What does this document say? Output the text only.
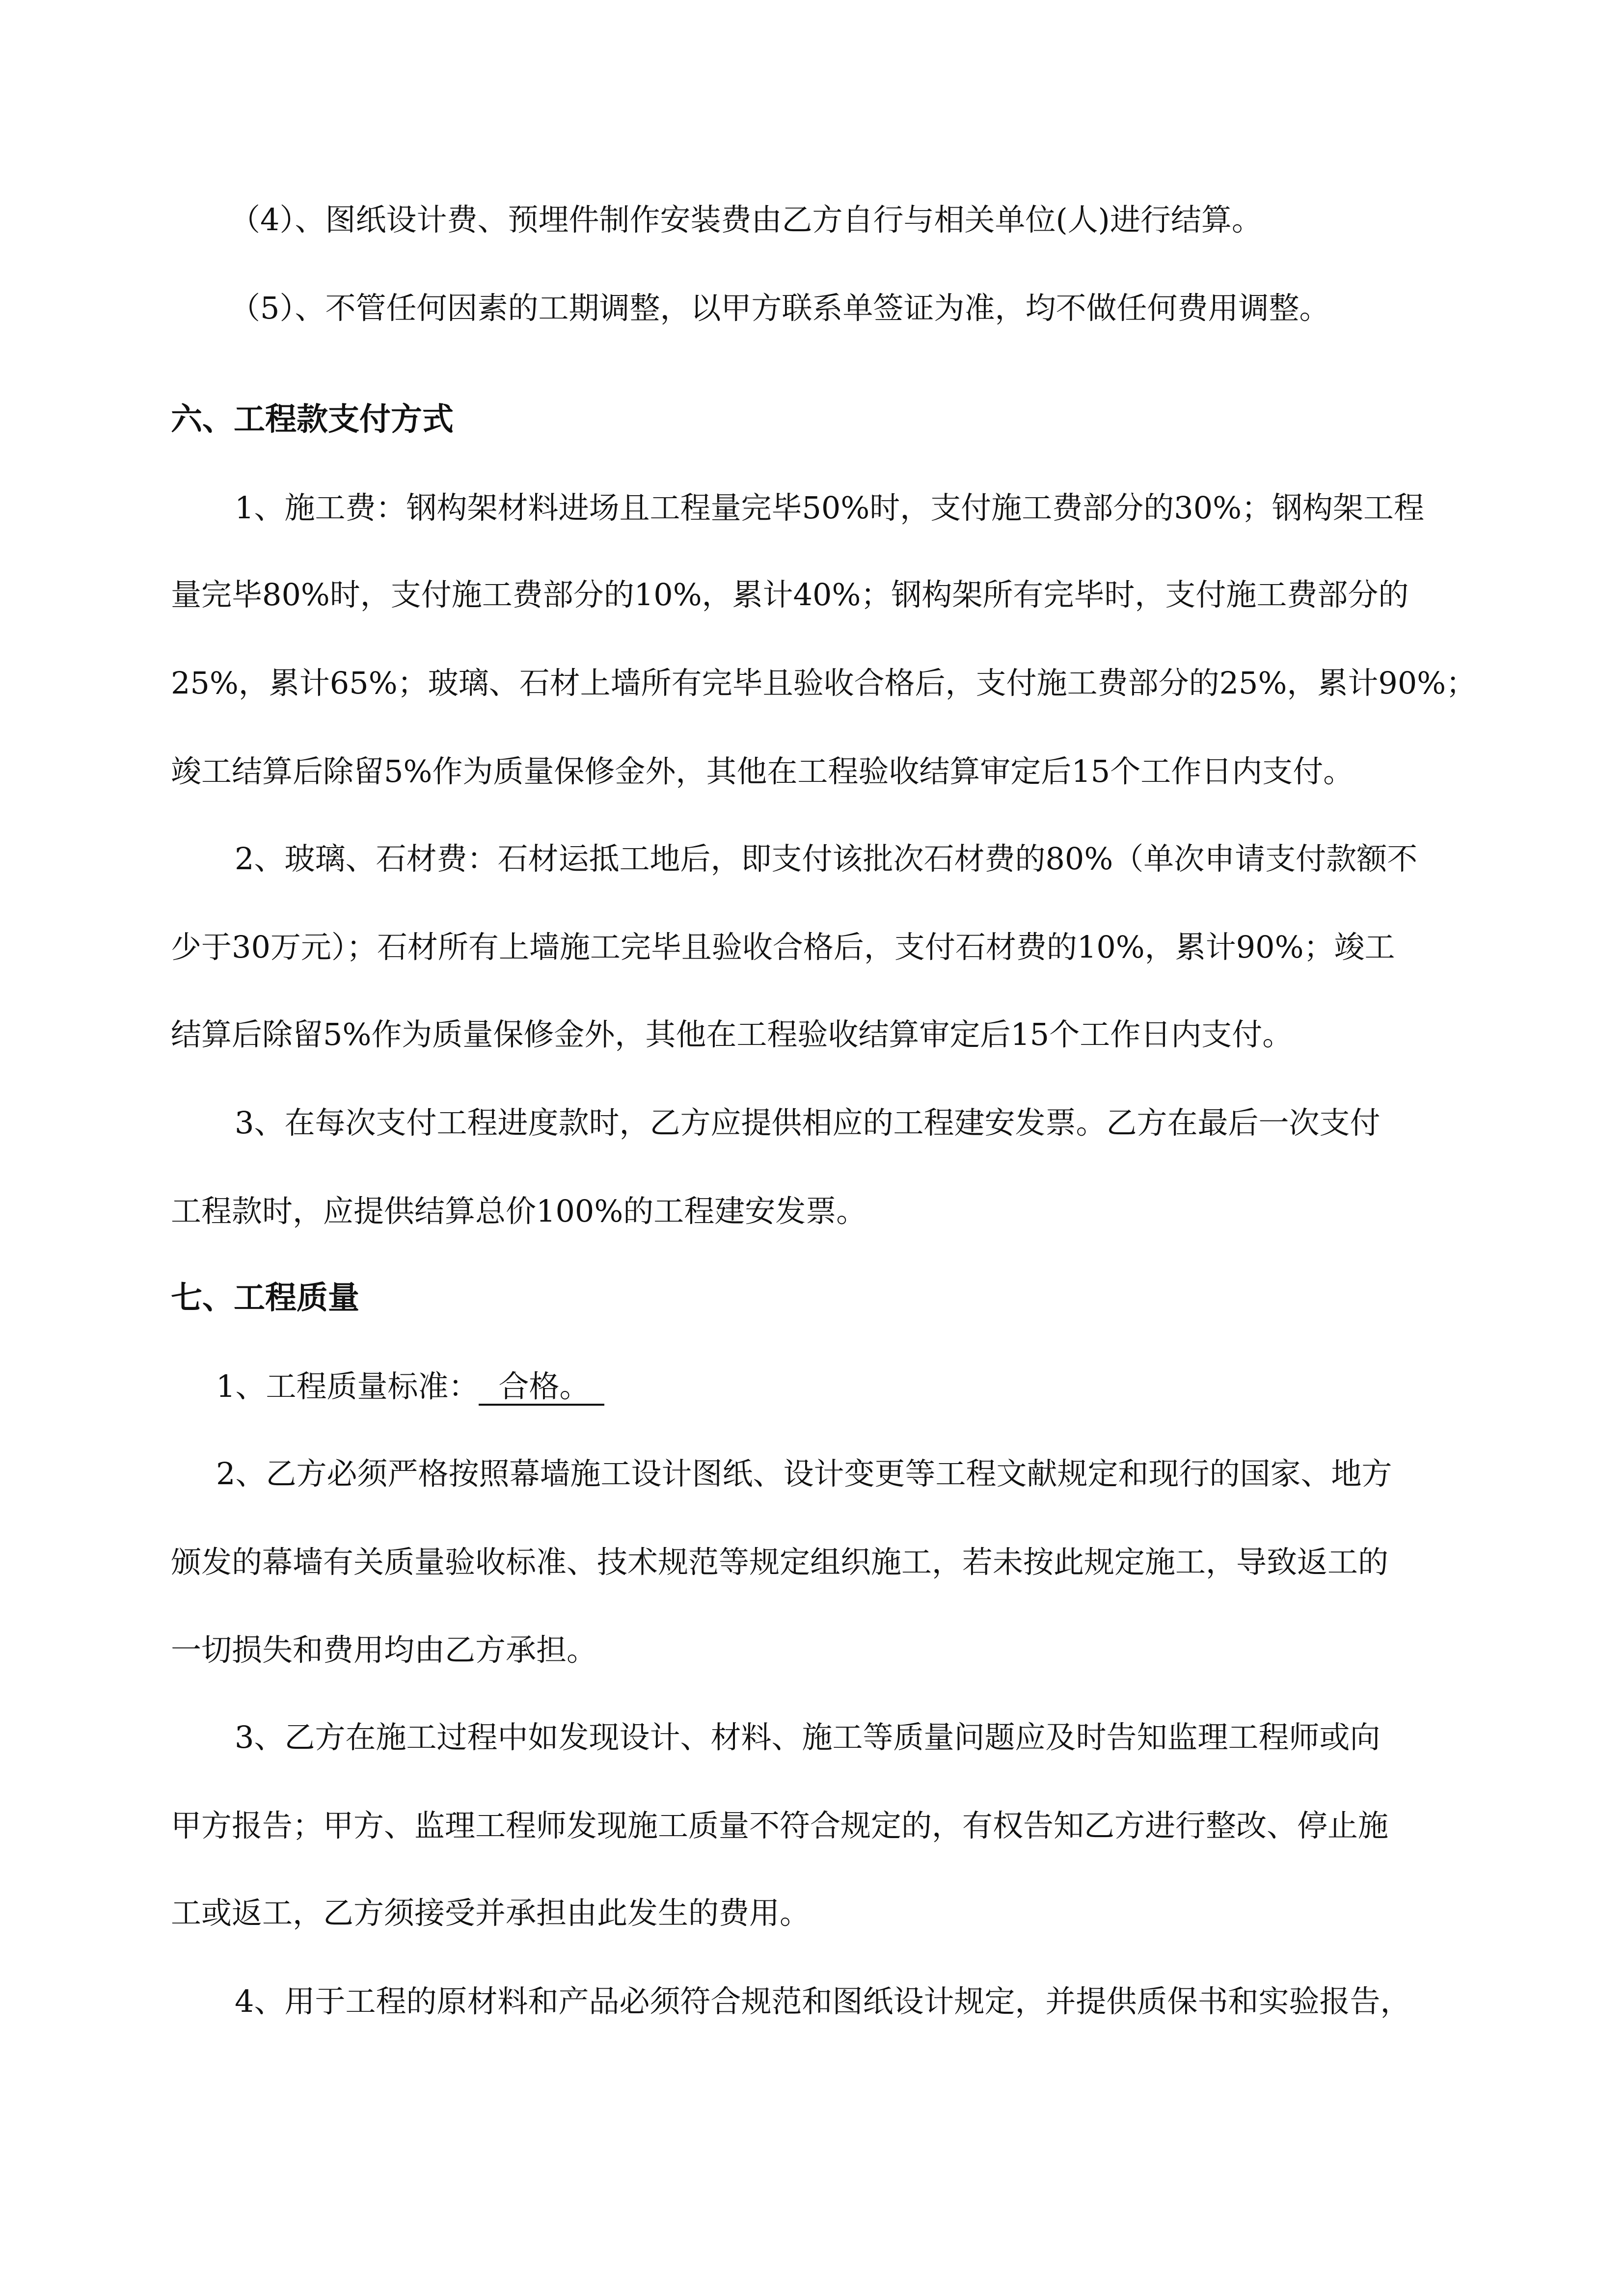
（4）、图纸设计费、预埋件制作安装费由乙方自行与相关单位(人)进行结算。
（5）、不管任何因素的工期调整，以甲方联系单签证为准，均不做任何费用调整。
六、工程款支付方式
1、施工费：钢构架材料进场且工程量完毕50%时，支付施工费部分的30%；钢构架工程
量完毕80%时，支付施工费部分的10%，累计40%；钢构架所有完毕时，支付施工费部分的
25%，累计65%；玻璃、石材上墙所有完毕且验收合格后，支付施工费部分的25%，累计90%；
竣工结算后除留5%作为质量保修金外，其他在工程验收结算审定后15个工作日内支付。
2、玻璃、石材费：石材运抵工地后，即支付该批次石材费的80%（单次申请支付款额不
少于30万元）；石材所有上墙施工完毕且验收合格后，支付石材费的10%，累计90%；竣工
结算后除留5%作为质量保修金外，其他在工程验收结算审定后15个工作日内支付。
3、在每次支付工程进度款时，乙方应提供相应的工程建安发票。乙方在最后一次支付
工程款时，应提供结算总价100%的工程建安发票。
七、工程质量
1、工程质量标准： 合格。
2、乙方必须严格按照幕墙施工设计图纸、设计变更等工程文献规定和现行的国家、地方
颁发的幕墙有关质量验收标准、技术规范等规定组织施工，若未按此规定施工，导致返工的
一切损失和费用均由乙方承担。
3、乙方在施工过程中如发现设计、材料、施工等质量问题应及时告知监理工程师或向
甲方报告；甲方、监理工程师发现施工质量不符合规定的，有权告知乙方进行整改、停止施
工或返工，乙方须接受并承担由此发生的费用。
4、用于工程的原材料和产品必须符合规范和图纸设计规定，并提供质保书和实验报告，
